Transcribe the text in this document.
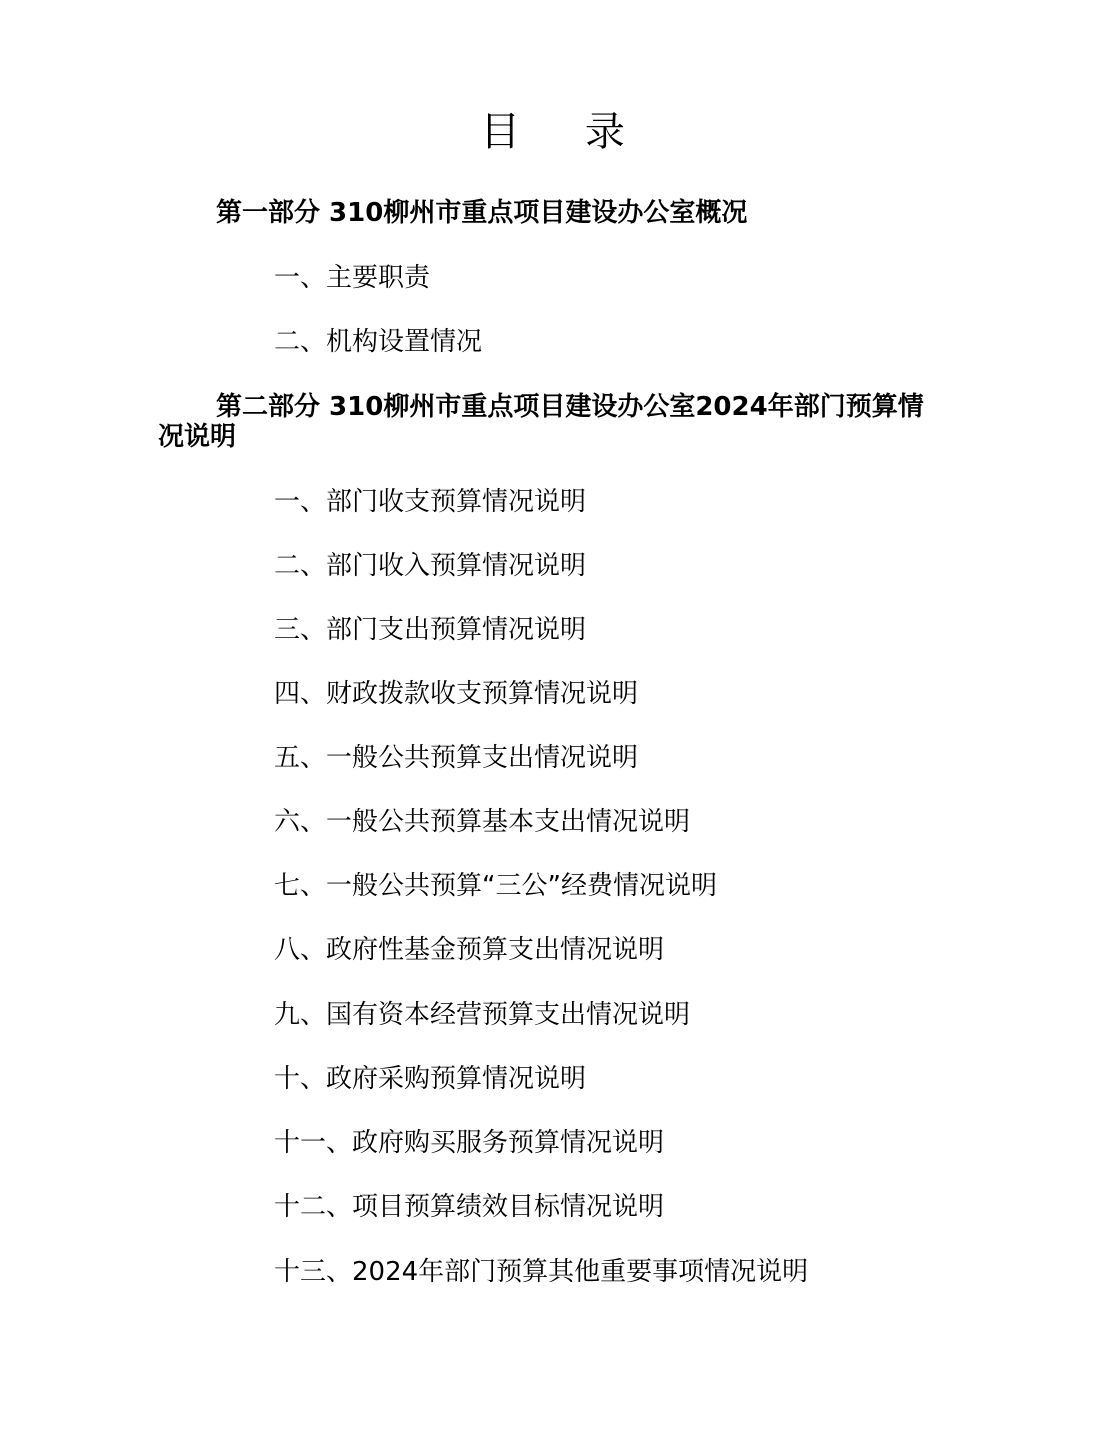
目 录
第一部分 310柳州市重点项目建设办公室概况
一、主要职责
二、机构设置情况
第二部分 310柳州市重点项目建设办公室2024年部门预算情况说明
一、部门收支预算情况说明
二、部门收入预算情况说明
三、部门支出预算情况说明
四、财政拨款收支预算情况说明
五、一般公共预算支出情况说明
六、一般公共预算基本支出情况说明
七、一般公共预算“三公”经费情况说明
八、政府性基金预算支出情况说明
九、国有资本经营预算支出情况说明
十、政府采购预算情况说明
十一、政府购买服务预算情况说明
十二、项目预算绩效目标情况说明
十三、2024年部门预算其他重要事项情况说明
